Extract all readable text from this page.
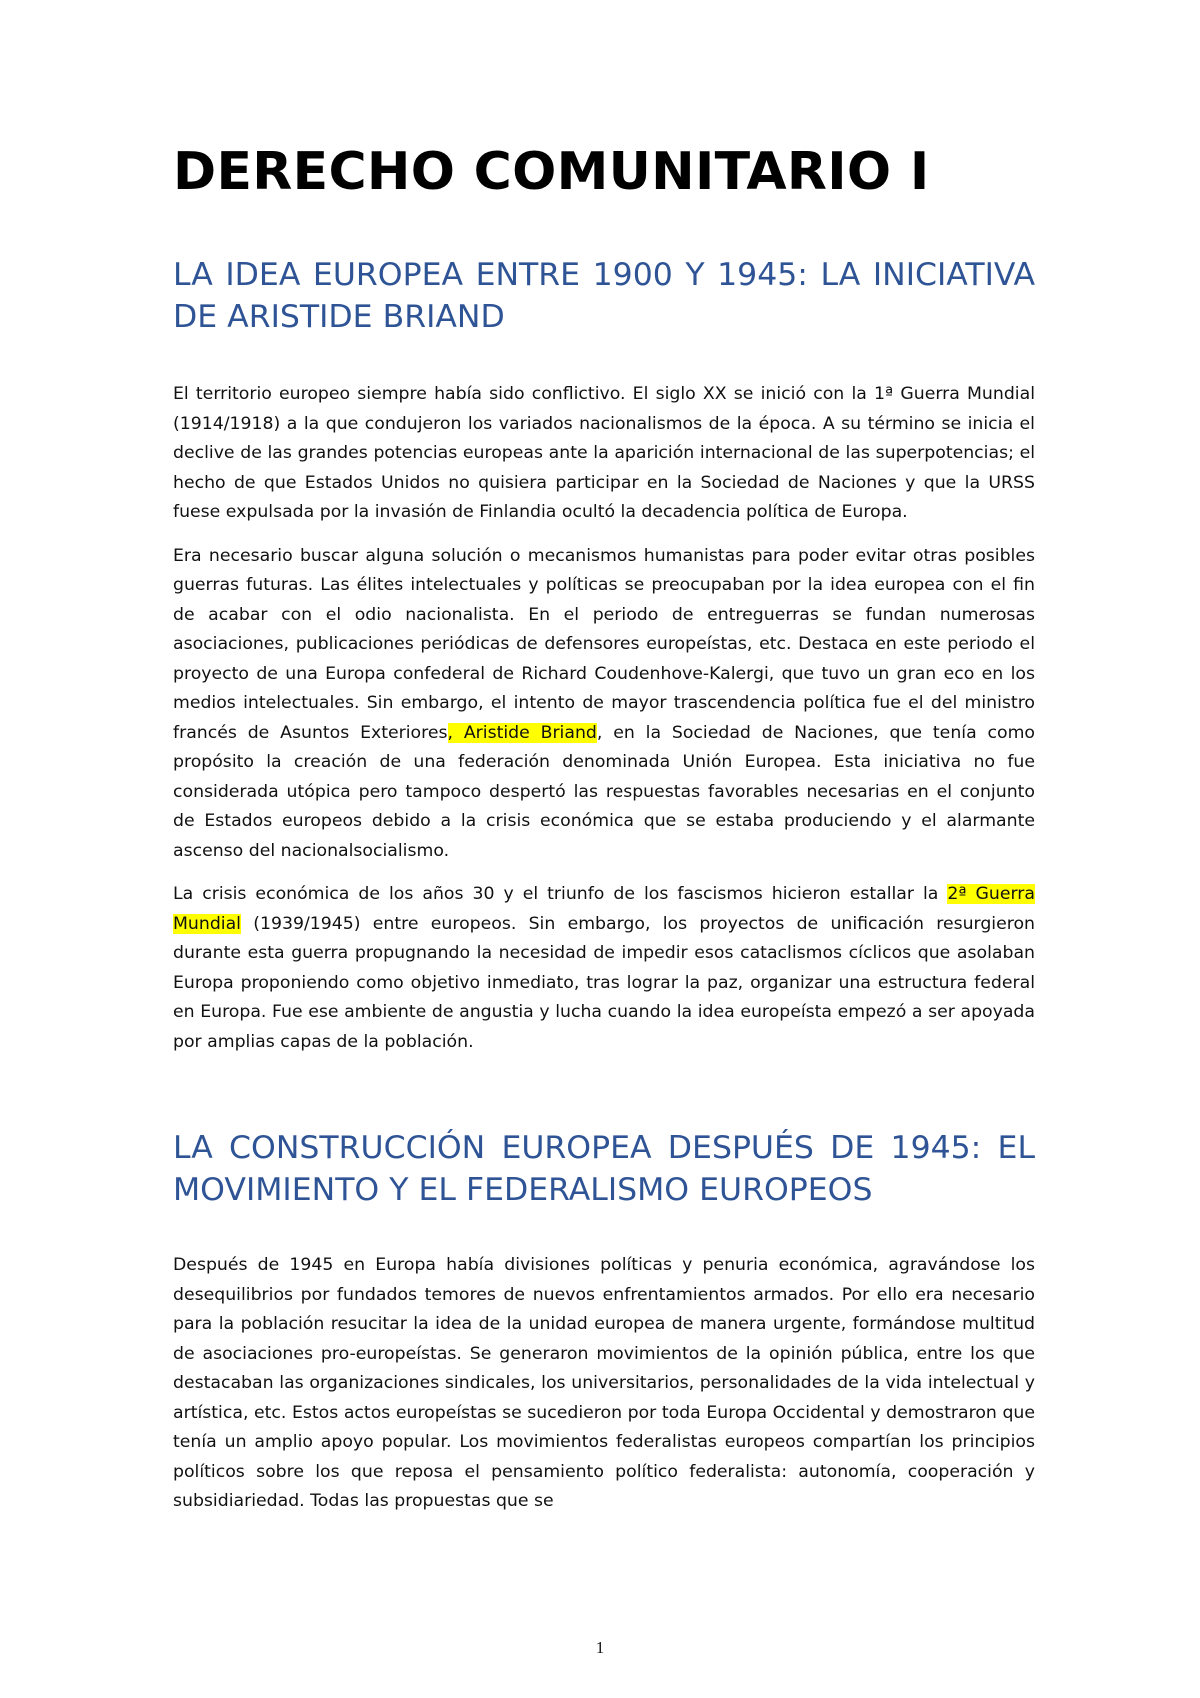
DERECHO COMUNITARIO I
LA IDEA EUROPEA ENTRE 1900 Y 1945: LA INICIATIVA DE ARISTIDE BRIAND

El territorio europeo siempre había sido conflictivo. El siglo XX se inició con la 1ª Guerra Mundial (1914/1918) a la que condujeron los variados nacionalismos de la época. A su término se inicia el declive de las grandes potencias europeas ante la aparición internacional de las superpotencias; el hecho de que Estados Unidos no quisiera participar en la Sociedad de Naciones y que la URSS fuese expulsada por la invasión de Finlandia ocultó la decadencia política de Europa.

Era necesario buscar alguna solución o mecanismos humanistas para poder evitar otras posibles guerras futuras. Las élites intelectuales y políticas se preocupaban por la idea europea con el fin de acabar con el odio nacionalista. En el periodo de entreguerras se fundan numerosas asociaciones, publicaciones periódicas de defensores europeístas, etc. Destaca en este periodo el proyecto de una Europa confederal de Richard Coudenhove-Kalergi, que tuvo un gran eco en los medios intelectuales. Sin embargo, el intento de mayor trascendencia política fue el del ministro francés de Asuntos Exteriores, Aristide Briand, en la Sociedad de Naciones, que tenía como propósito la creación de una federación denominada Unión Europea. Esta iniciativa no fue considerada utópica pero tampoco despertó las respuestas favorables necesarias en el conjunto de Estados europeos debido a la crisis económica que se estaba produciendo y el alarmante ascenso del nacionalsocialismo.

La crisis económica de los años 30 y el triunfo de los fascismos hicieron estallar la 2ª Guerra Mundial (1939/1945) entre europeos. Sin embargo, los proyectos de unificación resurgieron durante esta guerra propugnando la necesidad de impedir esos cataclismos cíclicos que asolaban Europa proponiendo como objetivo inmediato, tras lograr la paz, organizar una estructura federal en Europa. Fue ese ambiente de angustia y lucha cuando la idea europeísta empezó a ser apoyada por amplias capas de la población.

LA CONSTRUCCIÓN EUROPEA DESPUÉS DE 1945: EL MOVIMIENTO Y EL FEDERALISMO EUROPEOS

Después de 1945 en Europa había divisiones políticas y penuria económica, agravándose los desequilibrios por fundados temores de nuevos enfrentamientos armados. Por ello era necesario para la población resucitar la idea de la unidad europea de manera urgente, formándose multitud de asociaciones pro-europeístas. Se generaron movimientos de la opinión pública, entre los que destacaban las organizaciones sindicales, los universitarios, personalidades de la vida intelectual y artística, etc. Estos actos europeístas se sucedieron por toda Europa Occidental y demostraron que tenía un amplio apoyo popular. Los movimientos federalistas europeos compartían los principios políticos sobre los que reposa el pensamiento político federalista: autonomía, cooperación y subsidiariedad. Todas las propuestas que se

1
